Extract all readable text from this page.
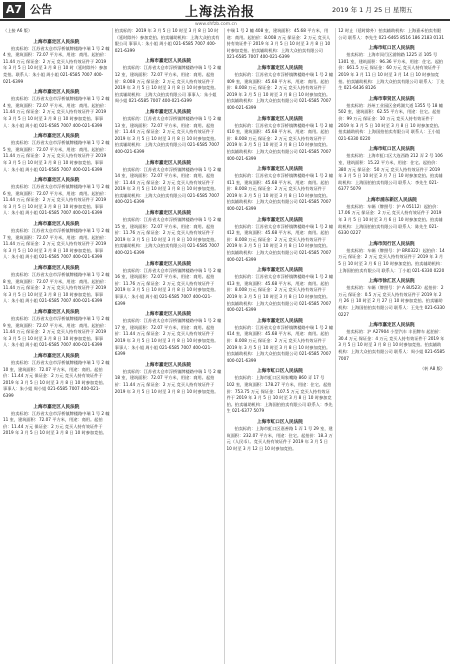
A7 公告	上海法治报	2019 年 1 月 25 日 星期五
www.shfzb.com.cn
（上接 A6 版）
上海市嘉定区人民法院
拍卖标的：江苏省太仓市浮桥镇牌楼路中瑞 1 号 2 幢 4 室，建筑面积：72.07 平方米，用途：商用。起拍价：11.44 万元 保证金：2 万元 竞买人持有效证件于 2019 年 3 月 5 日 10 时至 3 月 8 日 10 时（延时除外）参加竞拍。联系人：朱小姐 周小姐 021-6585 7007 400-021-6399
上海市嘉定区人民法院
拍卖标的：江苏省太仓市浮桥镇牌楼路中瑞 1 号 2 幢 4 室，建筑面积：72.07 平方米，用途：商用。起拍价：11.44 万元 保证金：2 万元 竞买人持有效证件于 2019 年 3 月 5 日 10 时至 3 月 8 日 10 时参加竞拍。事事人：朱小姐 周小姐 021-6585 7007 400-021-6399
上海市嘉定区人民法院
拍卖标的：江苏省太仓市浮桥镇牌楼路中瑞 1 号 2 幢 5 室，建筑面积：72.07 平方米，用途：商用。起拍价：11.44 万元 保证金：2 万元 竞买人持有效证件于 2019 年 3 月 5 日 10 时至 3 月 8 日 10 时参加竞拍。事事人：朱小姐 周小姐 021-6585 7007 400-021-6399
上海市嘉定区人民法院
拍卖标的：江苏省太仓市浮桥镇牌楼路中瑞 1 号 2 幢 6 室，建筑面积：72.07 平方米，用途：商用。起拍价：11.44 万元 保证金：2 万元 竞买人持有效证件于 2019 年 3 月 5 日 10 时至 3 月 8 日 10 时参加竞拍。事事人：朱小姐 周小姐 021-6585 7007 400-021-6399
上海市嘉定区人民法院
拍卖标的：江苏省太仓市浮桥镇牌楼路中瑞 1 号 2 幢 7 室，建筑面积：72.07 平方米，用途：商用。起拍价：11.44 万元 保证金：2 万元 竞买人持有效证件于 2019 年 3 月 5 日 10 时至 3 月 8 日 10 时参加竞拍。事事人：朱小姐 周小姐 021-6585 7007 400-021-6399
上海市嘉定区人民法院
拍卖标的：江苏省太仓市浮桥镇牌楼路中瑞 1 号 2 幢 8 室，建筑面积：72.07 平方米，用途：商用。起拍价：11.44 万元 保证金：2 万元 竞买人持有效证件于 2019 年 3 月 5 日 10 时至 3 月 8 日 10 时参加竞拍。事事人：朱小姐 周小姐 021-6585 7007 400-021-6399
上海市嘉定区人民法院
拍卖标的：江苏省太仓市浮桥镇牌楼路中瑞 1 号 2 幢 9 室，建筑面积：72.07 平方米，用途：商用。起拍价：11.44 万元 保证金：2 万元 竞买人持有效证件于 2019 年 3 月 5 日 10 时至 3 月 8 日 10 时参加竞拍。事事人：朱小姐 周小姐 021-6585 7007 400-021-6399
上海市嘉定区人民法院
拍卖标的：江苏省太仓市浮桥镇牌楼路中瑞 1 号 2 幢 10 室，建筑面积：72.07 平方米，用途：商用。起拍价：11.44 万元 保证金：2 万元 竞买人持有效证件于 2019 年 3 月 5 日 10 时至 3 月 8 日 10 时参加竞拍。事事人：朱小姐 周小姐 021-6585 7007 400-021-6399
上海市嘉定区人民法院
拍卖标的：江苏省太仓市浮桥镇牌楼路中瑞 1 号 2 幢 11 室，建筑面积：72.07 平方米，用途：商用。起拍价：11.44 万元 保证金：2 万元 竞买人持有效证件于 2019 年 3 月 5 日 10 时至 3 月 8 日 10 时参加竞拍。
拍卖标的：2019 年 3 月 5 日 10 时至 3 月 8 日 10 时（延时除外）参加竞拍。拍卖辅助机构：上海大众拍卖有限公司 事事人：朱小姐 周小姐 021-6585 7007 400-021-6399
上海市嘉定区人民法院
拍卖标的：江苏省太仓市浮桥镇牌楼路中瑞 1 号 2 幢 12 室，建筑面积：72.07 平方米，用途：商用。起拍价：8.008 万元 保证金：2 万元 竞买人持有效证件于 2019 年 3 月 5 日 10 时至 3 月 8 日 10 时参加竞拍。拍卖辅助机构：上海大众拍卖有限公司 事事人：朱小姐 周小姐 021-6585 7007 400-021-6399
上海市嘉定区人民法院
拍卖标的：江苏省太仓市浮桥镇牌楼路中瑞 1 号 2 幢 13 室，建筑面积：72.07 平方米，用途：商用。起拍价：11.44 万元 保证金：2 万元 竞买人持有效证件于 2019 年 3 月 5 日 10 时至 3 月 8 日 10 时参加竞拍。拍卖辅助机构：上海大众拍卖有限公司 021-6585 7007 400-021-6399
上海市嘉定区人民法院
拍卖标的：江苏省太仓市浮桥镇牌楼路中瑞 1 号 2 幢 14 室，建筑面积：72.07 平方米，用途：商用。起拍价：11.44 万元 保证金：2 万元 竞买人持有效证件于 2019 年 3 月 5 日 10 时至 3 月 8 日 10 时参加竞拍。拍卖辅助机构：上海大众拍卖有限公司 021-6585 7007 400-021-6399
上海市嘉定区人民法院
拍卖标的：江苏省太仓市浮桥镇牌楼路中瑞 1 号 2 幢 15 室，建筑面积：72.07 平方米，用途：商用。起拍价：11.76 万元 保证金：2 万元 竞买人持有效证件于 2019 年 3 月 5 日 10 时至 3 月 8 日 10 时参加竞拍。拍卖辅助机构：上海大众拍卖有限公司 021-6585 7007 400-021-6399
上海市嘉定区人民法院
拍卖标的：江苏省太仓市浮桥镇牌楼路中瑞 1 号 2 幢 16 室，建筑面积：72.07 平方米，用途：商用。起拍价：11.76 万元 保证金：2 万元 竞买人持有效证件于 2019 年 3 月 5 日 10 时至 3 月 8 日 10 时参加竞拍。事事人：朱小姐 周小姐 021-6585 7007 400-021-6399
上海市嘉定区人民法院
拍卖标的：江苏省太仓市浮桥镇牌楼路中瑞 1 号 2 幢 17 室，建筑面积：72.07 平方米，用途：商用。起拍价：11.44 万元 保证金：2 万元 竞买人持有效证件于 2019 年 3 月 5 日 10 时至 3 月 8 日 10 时参加竞拍。事事人：朱小姐 周小姐 021-6585 7007 400-021-6399
上海市嘉定区人民法院
拍卖标的：江苏省太仓市浮桥镇牌楼路中瑞 1 号 2 幢 18 室，建筑面积：72.07 平方米，用途：商用。起拍价：11.44 万元 保证金：2 万元 竞买人持有效证件于 2019 年 3 月 5 日 10 时至 3 月 8 日 10 时参加竞拍。
中瑞 1 号 2 幢 408 室，建筑面积：45.68 平方米，用途：商用。起拍价：8.008 万元 保证金：2 万元 竞买人持有效证件于 2019 年 3 月 5 日 10 时至 3 月 8 日 10 时参加竞拍。拍卖辅助机构：上海大众拍卖有限公司 021-6585 7007 400-021-6399
上海市嘉定区人民法院
拍卖标的：江苏省太仓市浮桥镇牌楼路中瑞 1 号 2 幢 409 室，建筑面积：45.68 平方米，用途：商用。起拍价：8.008 万元 保证金：2 万元 竞买人持有效证件于 2019 年 3 月 5 日 10 时至 3 月 8 日 10 时参加竞拍。拍卖辅助机构：上海大众拍卖有限公司 021-6585 7007 400-021-6399
上海市嘉定区人民法院
拍卖标的：江苏省太仓市浮桥镇牌楼路中瑞 1 号 2 幢 410 室，建筑面积：45.68 平方米，用途：商用。起拍价：8.008 万元 保证金：2 万元 竞买人持有效证件于 2019 年 3 月 5 日 10 时至 3 月 8 日 10 时参加竞拍。拍卖辅助机构：上海大众拍卖有限公司 021-6585 7007 400-021-6399
上海市嘉定区人民法院
拍卖标的：江苏省太仓市浮桥镇牌楼路中瑞 1 号 2 幢 411 室，建筑面积：45.68 平方米，用途：商用。起拍价：8.008 万元 保证金：2 万元 竞买人持有效证件于 2019 年 3 月 5 日 10 时至 3 月 8 日 10 时参加竞拍。拍卖辅助机构：上海大众拍卖有限公司 021-6585 7007 400-021-6399
上海市嘉定区人民法院
拍卖标的：江苏省太仓市浮桥镇牌楼路中瑞 1 号 2 幢 412 室，建筑面积：45.68 平方米，用途：商用。起拍价：8.008 万元 保证金：2 万元 竞买人持有效证件于 2019 年 3 月 5 日 10 时至 3 月 8 日 10 时参加竞拍。拍卖辅助机构：上海大众拍卖有限公司 021-6585 7007 400-021-6399
上海市嘉定区人民法院
拍卖标的：江苏省太仓市浮桥镇牌楼路中瑞 1 号 2 幢 413 室，建筑面积：45.68 平方米，用途：商用。起拍价：8.008 万元 保证金：2 万元 竞买人持有效证件于 2019 年 3 月 5 日 10 时至 3 月 8 日 10 时参加竞拍。拍卖辅助机构：上海大众拍卖有限公司 021-6585 7007 400-021-6399
上海市嘉定区人民法院
拍卖标的：江苏省太仓市浮桥镇牌楼路中瑞 1 号 2 幢 414 室，建筑面积：45.68 平方米，用途：商用。起拍价：8.008 万元 保证金：2 万元 竞买人持有效证件于 2019 年 3 月 5 日 10 时至 3 月 8 日 10 时参加竞拍。拍卖辅助机构：上海大众拍卖有限公司 021-6585 7007 400-021-6399
上海市虹口区人民法院
拍卖标的：上海市虹口区周家嘴路 860 弄 17 号 102 室，建筑面积：178.27 平方米，用途：住宅。起拍价：753.75 万元 保证金：107.5 万元 竞买人持有效证件于 2019 年 3 月 5 日 10 时至 3 月 8 日 10 时参加竞拍。拍卖辅助机构：上海国拍拍卖有限公司 联系人：李先生 021-6377 5079
上海市虹口区人民法院
拍卖标的：上海市虹口区嘉善路 1 弄 1 号 29 室，建筑面积：232.07 平方米，用途：住宅。起拍价：18.3 万元（人民币）。竞买人持有效证件于 2019 年 3 月 5 日 10 时至 3 月 12 日 10 时参加竞拍。
12 时止（延时除外）拍卖辅助机构：上海嘉禾拍卖有限公司 联系人：李先生 021-6465 8516 186 2183 0131
上海市虹口区人民法院
拍卖标的：上海市闵行区浦锦路 1225 弄 105 号 1301 室，建筑面积：96.36 平方米，用途：住宅。起拍价：661.5 万元 保证金：60 万元 竞买人持有效证件于 2019 年 3 月 11 日 10 时至 3 月 14 日 10 时参加竞拍。拍卖辅助机构：上海大众拍卖有限公司 联系人：丁先生 021-6436 8126
上海市奉贤区人民法院
拍卖标的：苏州工业园区金鸡湖大道 1355 号 18 幢 502 室，建筑面积：62.55 平方米，用途：住宅。起拍价：99 万元 保证金：10 万元 竞买人持有效证件于 2019 年 3 月 5 日 10 时至 3 月 8 日 10 时参加竞拍。拍卖辅助机构：上海国拍拍卖有限公司 联系人：王小姐 021-6330 0220
上海市虹口区人民法院
拍卖标的：上海市虹口区大连西路 212 弄 2 号 106 室，建筑面积：15.22 平方米，用途：住宅。起拍价：380 万元 保证金：50 万元 竞买人持有效证件于 2019 年 3 月 5 日 10 时至 3 月 7 日 10 时参加竞拍。拍卖辅助机构：上海国拍拍卖有限公司 联系人：李先生 021-6377 5079
上海市浦东新区人民法院
拍卖标的：车辆（牌照号：沪 A 05112）起拍价：17.06 万元 保证金：2 万元 竞买人持有效证件于 2019 年 3 月 5 日 10 时至 3 月 6 日 10 时参加竞拍。拍卖辅助机构：上海国拍拍卖有限公司 联系人：陈先生 021-6330 0227
上海市闵行区人民法院
拍卖标的：车辆（牌照号：沪 BR0322）起拍价：14 万元 保证金：2 万元 竞买人持有效证件于 2019 年 3 月 5 日 10 时至 3 月 6 日 10 时参加竞拍。拍卖辅助机构：上海国拍拍卖有限公司 联系人：丁小姐 021-6330 0220
上海市徐汇区人民法院
拍卖标的：车辆（牌照号：沪 A 8U523）起拍价：2 万元 保证金：0.5 万元 竞买人持有效证件于 2019 年 2 月 26 日 10 时至 2 月 27 日 10 时参加竞拍。拍卖辅助机构：上海国拍拍卖有限公司 联系人：王先生 021-6330 0227
上海市嘉定区人民法院
拍卖标的：沪 A27904 小型汽车 丰田牌车 起拍价：30.4 万元 保证金：4 万元 竞买人持有效证件于 2019 年 3 月 5 日 10 时至 3 月 8 日 10 时参加竞拍。拍卖辅助机构：上海大众拍卖有限公司 联系人：周小姐 021-6585 7007
（转 A8 版）
